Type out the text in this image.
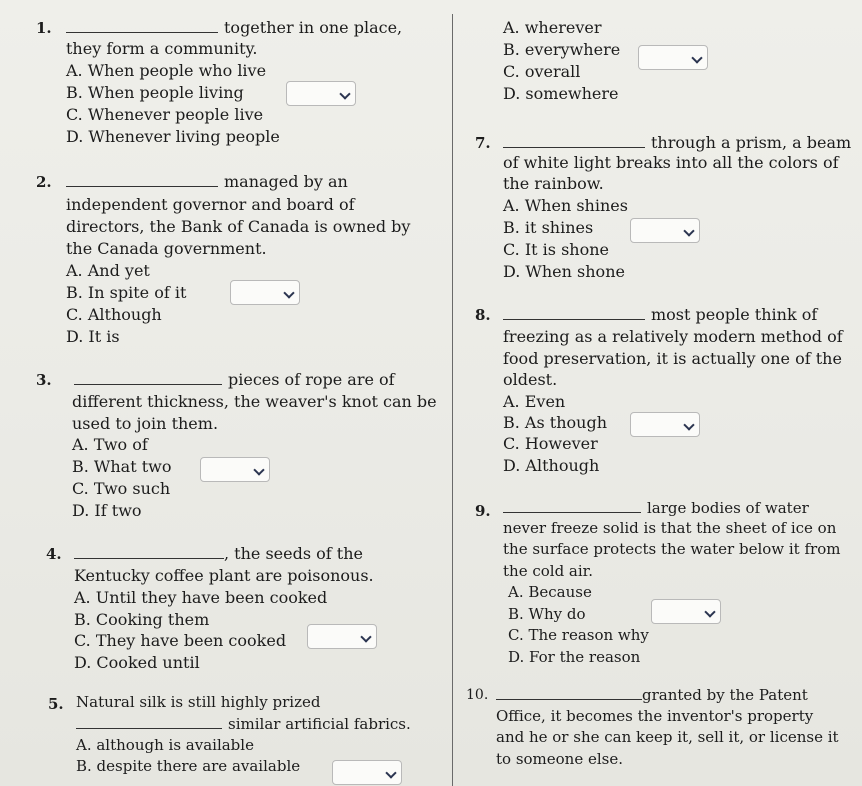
1.	together in one place,
they form a community.
A. When people who live
B. When people living
C. Whenever people live
D. Whenever living people
2.	managed by an
independent governor and board of
directors, the Bank of Canada is owned by
the Canada government.
A. And yet
B. In spite of it
C. Although
D. It is
3.	pieces of rope are of
different thickness, the weaver's knot can be
used to join them.
A. Two of
B. What two
C. Two such
D. If two
4.	, the seeds of the
Kentucky coffee plant are poisonous.
A. Until they have been cooked
B. Cooking them
C. They have been cooked
D. Cooked until
5. Natural silk is still highly prized
similar artificial fabrics.
A. although is available
B. despite there are available
A. wherever
B. everywhere
C. overall
D. somewhere
7.	through a prism, a beam
of white light breaks into all the colors of
the rainbow.
A. When shines
B. it shines
C. It is shone
D. When shone
8.	most people think of
freezing as a relatively modern method of
food preservation, it is actually one of the
oldest.
A. Even
B. As though
C. However
D. Although
9.	large bodies of water
never freeze solid is that the sheet of ice on
the surface protects the water below it from
the cold air.
A. Because
B. Why do
C. The reason why
D. For the reason
10.	granted by the Patent
Office, it becomes the inventor's property
and he or she can keep it, sell it, or license it
to someone else.
